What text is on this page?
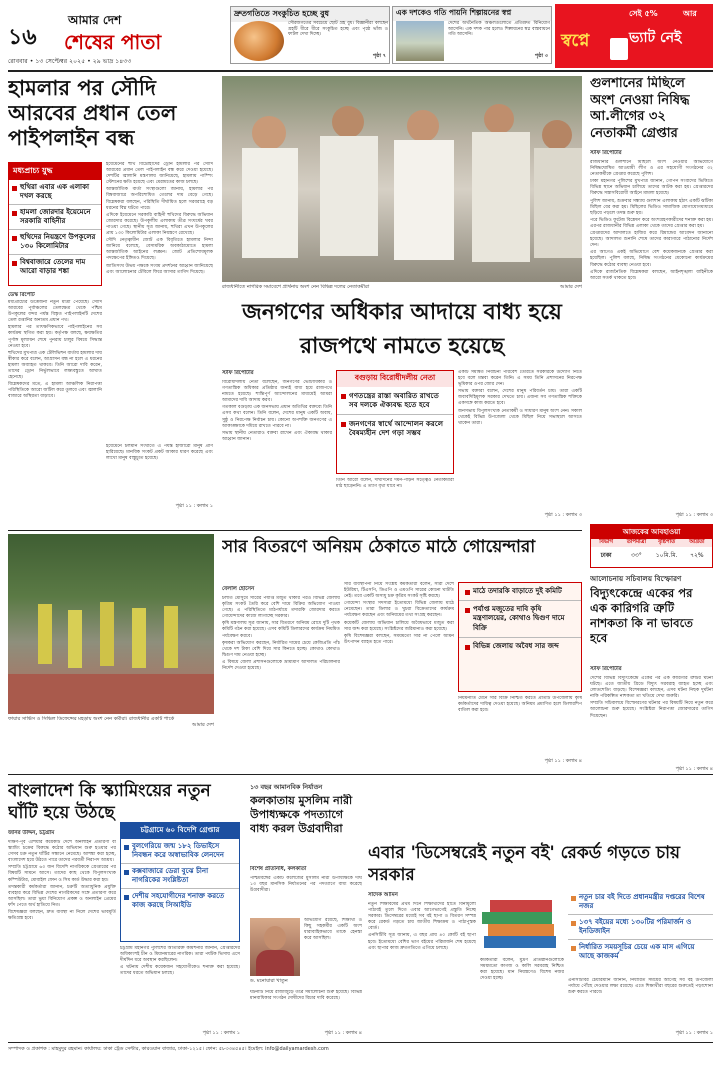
১৬
আমার দেশ
শেষের পাতা
রোববার • ১৩ সেপ্টেম্বর ২০২৫ • ২৯ ভাদ্র ১৪৩৩
দ্রুতগতিতে সংকুচিত হচ্ছে বুধ
সৌরজগতের সবচেয়ে ছোট গ্রহ বুধ। বিজ্ঞানীরা বলছেন গ্রহটি ধীরে ধীরে সংকুচিত হচ্ছে এবং পৃষ্ঠে ভাঁজ ও ফাটল দেখা দিচ্ছে।
পৃষ্ঠা ৭
এক দশকেও গতি পায়নি শিল্পায়নের স্বপ্ন
দেশের অর্থনৈতিক অঞ্চলগুলোতে প্রতিশ্রুত বিনিয়োগ আসেনি। এক দশক পার হলেও শিল্পায়নের স্বপ্ন বাস্তবায়নে গতি আসেনি।
পৃষ্ঠা ৩
সেই ৫%	আর
স্বপ্নে	ভ্যাট নেই
হামলার পর সৌদি আরবের প্রধান তেল পাইপলাইন বন্ধ
মধ্যপ্রাচ্য যুদ্ধ
হুথিরা এবার এক এলাকা দখল করছে
হামলা জোরদার ইয়েমেনে সরকারি বাহিনীর
হুথিদের নিয়ন্ত্রণে উপকূলের ১৩০ কিলোমিটার
বিশ্ববাজারে তেলের দাম আরো বাড়ার শঙ্কা

ইয়েমেনের হুথি বিদ্রোহীদের ড্রোন হামলার পর সৌদি আরবের প্রধান তেল পাইপলাইন বন্ধ করে দেওয়া হয়েছে। দেশটির জ্বালানি মন্ত্রণালয় জানিয়েছে, হামলায় পাম্পিং স্টেশনের ক্ষতি হয়েছে এবং মেরামতের কাজ চলছে।

আন্তর্জাতিক বার্তা সংস্থাগুলো জানায়, হামলার পর বিশ্ববাজারে অপরিশোধিত তেলের দাম বেড়ে গেছে। বিশ্লেষকরা বলছেন, পরিস্থিতি দীর্ঘায়িত হলে সরবরাহে বড় ধরনের বিঘ্ন ঘটতে পারে।

এদিকে ইয়েমেনে সরকারি বাহিনী হুথিদের বিরুদ্ধে অভিযান জোরদার করেছে। উপকূলীয় এলাকায় তীব্র সংঘর্ষের খবর পাওয়া গেছে। স্থানীয় সূত্র জানায়, হুথিরা এখন উপকূলের প্রায় ১৩০ কিলোমিটার এলাকা নিয়ন্ত্রণে রেখেছে।

সৌদি নেতৃত্বাধীন জোট এক বিবৃতিতে হামলার নিন্দা জানিয়ে বলেছে, বেসামরিক অবকাঠামোতে হামলা আন্তর্জাতিক আইনের লঙ্ঘন। জোট প্রতিশোধমূলক পদক্ষেপের ইঙ্গিতও দিয়েছে।

জাতিসংঘ উভয় পক্ষকে সংযম প্রদর্শনের আহ্বান জানিয়েছে এবং আলোচনার টেবিলে ফিরে আসার তাগিদ দিয়েছে।

ডেস্ক রিপোর্ট

মধ্যপ্রাচ্যের উত্তেজনা নতুন মাত্রা পেয়েছে। সৌদি আরবের পূর্বাঞ্চলের তেলক্ষেত্র থেকে পশ্চিম উপকূলের বন্দর পর্যন্ত বিস্তৃত পাইপলাইনটি দেশের তেল রপ্তানির অন্যতম প্রধান পথ।

হামলার পর তাৎক্ষণিকভাবে পাইপলাইনের সব কার্যক্রম স্থগিত করা হয়। কর্তৃপক্ষ বলছে, ক্ষয়ক্ষতির পূর্ণাঙ্গ মূল্যায়ন শেষে পুনরায় চালুর বিষয়ে সিদ্ধান্ত নেওয়া হবে।

হুথিদের মুখপাত্র এক টেলিভিশন বার্তায় হামলার দায় স্বীকার করে বলেন, আগ্রাসন বন্ধ না হলে এ ধরনের হামলা অব্যাহত থাকবে। তিনি আরো দাবি করেন, তাদের ড্রোন নির্ভুলভাবে লক্ষ্যবস্তুতে আঘাত হেনেছে।

বিশ্লেষকদের মতে, এ হামলা আঞ্চলিক নিরাপত্তা পরিস্থিতিকে আরো জটিল করে তুলবে এবং জ্বালানি বাজারে অস্থিরতা বাড়াবে।

ইয়েমেনে চলমান সংঘাতে এ পর্যন্ত হাজারো মানুষ প্রাণ হারিয়েছে। মানবিক সংকট প্রকট আকার ধারণ করেছে এবং লাখো মানুষ বাস্তুচ্যুত হয়েছে।

পৃষ্ঠা ১১ : কলাম ১
রাজধানীতে নাগরিক সমাবেশে প্রার্থনায় অংশ নেন বিভিন্ন দলের নেতাকর্মীরা	আমার দেশ
জনগণের অধিকার আদায়ে বাধ্য হয়ে রাজপথে নামতে হয়েছে
স্টাফ রিপোর্টার

বিরোধীদলীয় নেতা বলেছেন, জনগণের ভোটাধিকার ও গণতান্ত্রিক অধিকার প্রতিষ্ঠার জন্যই বাধ্য হয়ে রাজপথে নামতে হয়েছে। শান্তিপূর্ণ আন্দোলনের মাধ্যমেই আমরা আমাদের দাবি আদায় করব।

গতকাল বগুড়ায় এক জনসভায় প্রধান অতিথির বক্তব্যে তিনি এসব কথা বলেন। তিনি বলেন, দেশের মানুষ একটি অবাধ, সুষ্ঠু ও নিরপেক্ষ নির্বাচন চায়। কোনো অপশক্তি জনগণের এ আকাঙ্ক্ষাকে দমিয়ে রাখতে পারবে না।

সভায় স্থানীয় নেতারাও বক্তব্য রাখেন এবং ঐক্যবদ্ধ থাকার আহ্বান জানান।

বগুড়ায় বিরোধীদলীয় নেতা
গণতন্ত্রের রাস্তা অবারিত রাখতে সব দলকে ঐক্যবদ্ধ হতে হবে
জনগণের স্বার্থে আন্দোলন করলে বৈষম্যহীন দেশ গড়া সম্ভব

তিনি আরো বলেন, দীর্ঘদিনের দমন-পীড়ন সত্ত্বেও নেতাকর্মীরা মাঠ ছাড়েননি। এ ত্যাগ বৃথা যাবে না।

একটি সমন্বিত নির্বাচনী পরিবেশ তৈরিতে সরকারকে উদ্যোগ নিতে হবে বলে মন্তব্য করেন তিনি। এ সময় তিনি প্রশাসনের নিরপেক্ষ ভূমিকার ওপর জোর দেন।

সভায় বক্তারা বলেন, দেশের মানুষ পরিবর্তন চায়। তারা একটি জবাবদিহিমূলক সরকার দেখতে চায়। এজন্য সব গণতান্ত্রিক শক্তিকে একসঙ্গে কাজ করতে হবে।

জনসভায় বিপুলসংখ্যক নেতাকর্মী ও সাধারণ মানুষ অংশ নেন। সকাল থেকেই বিভিন্ন উপজেলা থেকে মিছিল নিয়ে সভাস্থলে আসতে থাকেন তারা।

পৃষ্ঠা ১১ : কলাম ৩
গুলশানের মিছিলে অংশ নেওয়া নিষিদ্ধ আ.লীগের ৩২ নেতাকর্মী গ্রেপ্তার
স্টাফ রিপোর্টার

রাজধানীর গুলশানে মিছিলে অংশ নেওয়ার অভিযোগে নিষিদ্ধঘোষিত আওয়ামী লীগ ও এর সহযোগী সংগঠনের ৩২ নেতাকর্মীকে গ্রেপ্তার করেছে পুলিশ।

ঢাকা মহানগর পুলিশের মুখপাত্র জানান, গোপন সংবাদের ভিত্তিতে বিভিন্ন স্থানে অভিযান চালিয়ে তাদের আটক করা হয়। গ্রেপ্তারদের বিরুদ্ধে সন্ত্রাসবিরোধী আইনে মামলা হয়েছে।

পুলিশ জানায়, শুক্রবার সন্ধ্যায় গুলশান এলাকায় হঠাৎ একটি ঝটিকা মিছিল বের করা হয়। মিছিলের ভিডিও সামাজিক যোগাযোগমাধ্যমে ছড়িয়ে পড়লে তদন্ত শুরু হয়।

পরে ভিডিও ফুটেজ বিশ্লেষণ করে অংশগ্রহণকারীদের শনাক্ত করা হয়। এরপর রাজধানীর বিভিন্ন এলাকা থেকে তাদের গ্রেপ্তার করা হয়।

গ্রেপ্তারদের আদালতে হাজির করে রিমান্ডের আবেদন জানানো হয়েছে। আদালত শুনানি শেষে তাদের কারাগারে পাঠানোর নির্দেশ দেন।

এর আগেও একই অভিযোগে বেশ কয়েকজনকে গ্রেপ্তার করা হয়েছিল। পুলিশ বলছে, নিষিদ্ধ সংগঠনের যেকোনো কার্যক্রমের বিরুদ্ধে কঠোর ব্যবস্থা নেওয়া হবে।

এদিকে রাজনৈতিক বিশ্লেষকরা বলছেন, আইনশৃঙ্খলা বাহিনীকে আরো সতর্ক থাকতে হবে।

পৃষ্ঠা ১১ : কলাম ৩
আজকের আবহাওয়া
বিভাগ	তাপমাত্রা	বৃষ্টিপাত	আর্দ্রতা
ঢাকা	৩৩°	১০মি.মি.	৭২%
সার বিতরণে অনিয়ম ঠেকাতে মাঠে গোয়েন্দারা
বেলাল হোসেন

চলতি মৌসুমে সারের পর্যাপ্ত মজুত থাকার পরও বিভিন্ন জেলায় কৃত্রিম সংকট তৈরি করে বেশি দামে বিক্রির অভিযোগ পাওয়া গেছে। এ পরিস্থিতিতে মাঠপর্যায়ে তদারকি জোরদার করতে গোয়েন্দাদের কাজে লাগাচ্ছে সরকার।

কৃষি মন্ত্রণালয় সূত্র জানায়, সার বিতরণে অনিয়ম রোধে দুটি পৃথক কমিটি গঠন করা হয়েছে। এসব কমিটি ডিলারদের কার্যক্রম নিয়মিত পর্যবেক্ষণ করবে।

কৃষকরা অভিযোগ করছেন, নির্ধারিত দামের চেয়ে কেজিপ্রতি পাঁচ থেকে দশ টাকা বেশি দিয়ে সার কিনতে হচ্ছে। কোথাও কোথাও দ্বিগুণ দাম নেওয়া হচ্ছে।

এ বিষয়ে জেলা প্রশাসনগুলোকে ভ্রাম্যমাণ আদালত পরিচালনার নির্দেশ দেওয়া হয়েছে।

সার ব্যবস্থাপনা নিয়ে সংশ্লিষ্ট কর্মকর্তারা বলেন, সারা দেশে ইউরিয়া, টিএসপি, ডিএপি ও এমওপি সারের কোনো ঘাটতি নেই। তবে একটি অসাধু চক্র কৃত্রিম সংকট সৃষ্টি করছে।

গোয়েন্দা সংস্থার সদস্যরা ইতোমধ্যে বিভিন্ন জেলায় মাঠে নেমেছেন। তারা ডিলার ও খুচরা বিক্রেতাদের কার্যক্রম পর্যবেক্ষণ করছেন এবং অনিয়মের তথ্য সংগ্রহ করছেন।

কয়েকটি জেলায় অভিযান চালিয়ে অবৈধভাবে মজুত করা সার জব্দ করা হয়েছে। সংশ্লিষ্টদের জরিমানাও করা হয়েছে।

কৃষি বিশেষজ্ঞরা বলছেন, সময়মতো সার না পেলে আমন উৎপাদন ব্যাহত হতে পারে।

মাঠে তদারকি বাড়াতে দুই কমিটি
পর্যাপ্ত মজুতের দাবি কৃষি মন্ত্রণালয়ের, কোথাও দ্বিগুণ দামে বিক্রি
বিভিন্ন জেলায় অবৈধ সার জব্দ

নিয়মনীতি মেনে সার বিক্রি নিশ্চিত করতে প্রতিটি উপজেলায় কৃষি কর্মকর্তাদের দায়িত্ব দেওয়া হয়েছে। অনিয়ম প্রমাণিত হলে ডিলারশিপ বাতিল করা হবে।

পৃষ্ঠা ১১ : কলাম ৪
ফায়ার সার্ভিস ও সিভিল ডিফেন্সের মহড়ায় অংশ নেন কর্মীরা। রাজধানীর একটি পার্কে
আমার দেশ
আলোচনায় সচিবালয় বিস্ফোরণ
বিদ্যুৎকেন্দ্রে একের পর এক কারিগরি ত্রুটি নাশকতা কি না ভাবতে হবে
স্টাফ রিপোর্টার

দেশের বিভিন্ন বিদ্যুৎকেন্দ্রে একের পর এক কারিগরি ত্রুটির ঘটনা ঘটছে। এতে জাতীয় গ্রিডে বিদ্যুৎ সরবরাহ ব্যাহত হচ্ছে এবং লোডশেডিং বাড়ছে। বিশেষজ্ঞরা বলছেন, এসব ঘটনা নিছক দুর্ঘটনা নাকি পরিকল্পিত নাশকতা তা খতিয়ে দেখা জরুরি।

সম্প্রতি সচিবালয়ে বিস্ফোরণের ঘটনার পর বিষয়টি নিয়ে নতুন করে আলোচনা শুরু হয়েছে। সংশ্লিষ্টরা নিরাপত্তা জোরদারের তাগিদ দিয়েছেন।

পৃষ্ঠা ১১ : কলাম ৪
বাংলাদেশ কি স্ক্যামিংয়ের নতুন ঘাঁটি হয়ে উঠছে
জনির উদ্দিন, চট্টগ্রাম

দক্ষিণ-পূর্ব এশিয়ার কয়েকটি দেশে অনলাইন প্রতারণা বা স্ক্যামিং চক্রের বিরুদ্ধে কঠোর অভিযান শুরু হওয়ার পর সেসব চক্র নতুন ঘাঁটির সন্ধানে নেমেছে। আশঙ্কা করা হচ্ছে, বাংলাদেশ হয়ে উঠতে পারে তাদের পরবর্তী নিরাপদ আশ্রয়।

সম্প্রতি চট্টগ্রামে ৬০ জন বিদেশি নাগরিককে গ্রেপ্তারের পর বিষয়টি সামনে আসে। তাদের কাছ থেকে বিপুলসংখ্যক কম্পিউটার, মোবাইল ফোন ও সিম কার্ড উদ্ধার করা হয়।

তদন্তকারী কর্মকর্তারা জানান, চক্রটি অত্যাধুনিক প্রযুক্তি ব্যবহার করে বিভিন্ন দেশের নাগরিকদের সঙ্গে প্রতারণা করে আসছিল। তারা ভুয়া বিনিয়োগ প্রকল্প ও অনলাইন প্রেমের ফাঁদ পেতে অর্থ হাতিয়ে নিত।

বিশেষজ্ঞরা বলছেন, দ্রুত ব্যবস্থা না নিলে দেশের ভাবমূর্তি ক্ষতিগ্রস্ত হবে।

চট্টগ্রামে ৬০ বিদেশি গ্রেপ্তার
বুলগেরিয়ে জন্ম ১৮২ ডিভাইসে নিবন্ধন করে অস্বাভাবিক লেনদেন
কক্সবাজারে ডেরা বুঝে চীনা নাগরিকের সংশ্লিষ্টতা
দেশীয় সহযোগীদের শনাক্ত করতে কাজ করছে সিআইডি

চট্টগ্রাম মহানগর পুলিশের অতিরিক্ত কমিশনার জানান, গ্রেপ্তারদের অধিকাংশই চীন ও মিয়ানমারের নাগরিক। তারা পর্যটক ভিসায় এসে দীর্ঘদিন ধরে অবস্থান করছিলেন।

এ ঘটনায় দেশীয় কয়েকজন সহযোগীকেও শনাক্ত করা হয়েছে। তাদের ধরতে অভিযান চলছে।

পৃষ্ঠা ১১ : কলাম ১
১৩ বছর আমানবিক নির্যাতন
কলকাতায় মুসলিম নারী উপাধ্যক্ষকে পদত্যাগে বাধ্য করল উগ্রবাদীরা
বিশেষ প্রতিনিধি, কলকাতা

পশ্চিমবঙ্গের একটি কলেজের মুসলিম নারী উপাধ্যক্ষকে দীর্ঘ ১৩ বছর মানসিক নির্যাতনের পর পদত্যাগে বাধ্য করেছে উগ্রবাদীরা।

ড. মনোয়ারা খাতুন

অভিযোগ রয়েছে, শিক্ষার্থী ও কিছু সহকর্মীর একটি অংশ ধারাবাহিকভাবে তাকে হেনস্তা করে আসছিল।

ঘটনাটি নিয়ে রাজ্যজুড়ে তীব্র সমালোচনা শুরু হয়েছে। বিভিন্ন মানবাধিকার সংগঠন দোষীদের বিচার দাবি করেছে।

পৃষ্ঠা ১১ : কলাম ৪
এবার 'ডিসেম্বরেই নতুন বই' রেকর্ড গড়তে চায় সরকার
সাদেক আমিন	নতুন চার বই দিতে প্রধানমন্ত্রীর দপ্তরের বিশেষ নজর
১৩৭ বইয়ের মধ্যে ১৩০টির পরিমার্জন ও ইনডিজাইন
নির্ধারিত সময়সূচির চেয়ে এক মাস এগিয়ে আছে কাজকর্ম

নতুন শিক্ষাবর্ষের প্রথম দিনে শিক্ষার্থীদের হাতে বিনামূল্যে পাঠ্যবই তুলে দিতে এবার আগেভাগেই প্রস্তুতি নিচ্ছে সরকার। ডিসেম্বরের মধ্যেই সব বই ছাপা ও বিতরণ সম্পন্ন করে রেকর্ড গড়তে চায় জাতীয় শিক্ষাক্রম ও পাঠ্যপুস্তক বোর্ড।

এনসিটিবি সূত্র জানায়, এ বছর প্রায় ৪০ কোটি বই ছাপা হবে। ইতোমধ্যে বেশির ভাগ বইয়ের পরিমার্জন শেষ হয়েছে এবং ছাপার কাজ দ্রুতগতিতে এগিয়ে চলছে।

কর্মকর্তারা বলেন, মুদ্রণ প্রতিষ্ঠানগুলোকে সময়মতো কাগজ ও কালি সরবরাহ নিশ্চিত করা হয়েছে। মান নিয়ন্ত্রণেও বিশেষ নজর দেওয়া হচ্ছে।	এনসিটিবির চেয়ারম্যান জানান, নির্ধারিত সময়ের আগেই সব বই উপজেলা পর্যায়ে পৌঁছে দেওয়ার লক্ষ্য রয়েছে। এতে শিক্ষার্থীরা বছরের শুরুতেই পড়াশোনা শুরু করতে পারবে।

পৃষ্ঠা ১১ : কলাম ১
সম্পাদক ও প্রকাশক : মাহমুদুর রহমান। কার্যালয়: ঢাকা ট্রেড সেন্টার, কারওয়ান বাজার, ঢাকা-১২১৫। ফোন: ৫৮৩৩৪৫৪৫। ইমেইল: info@dailyamardesh.com
